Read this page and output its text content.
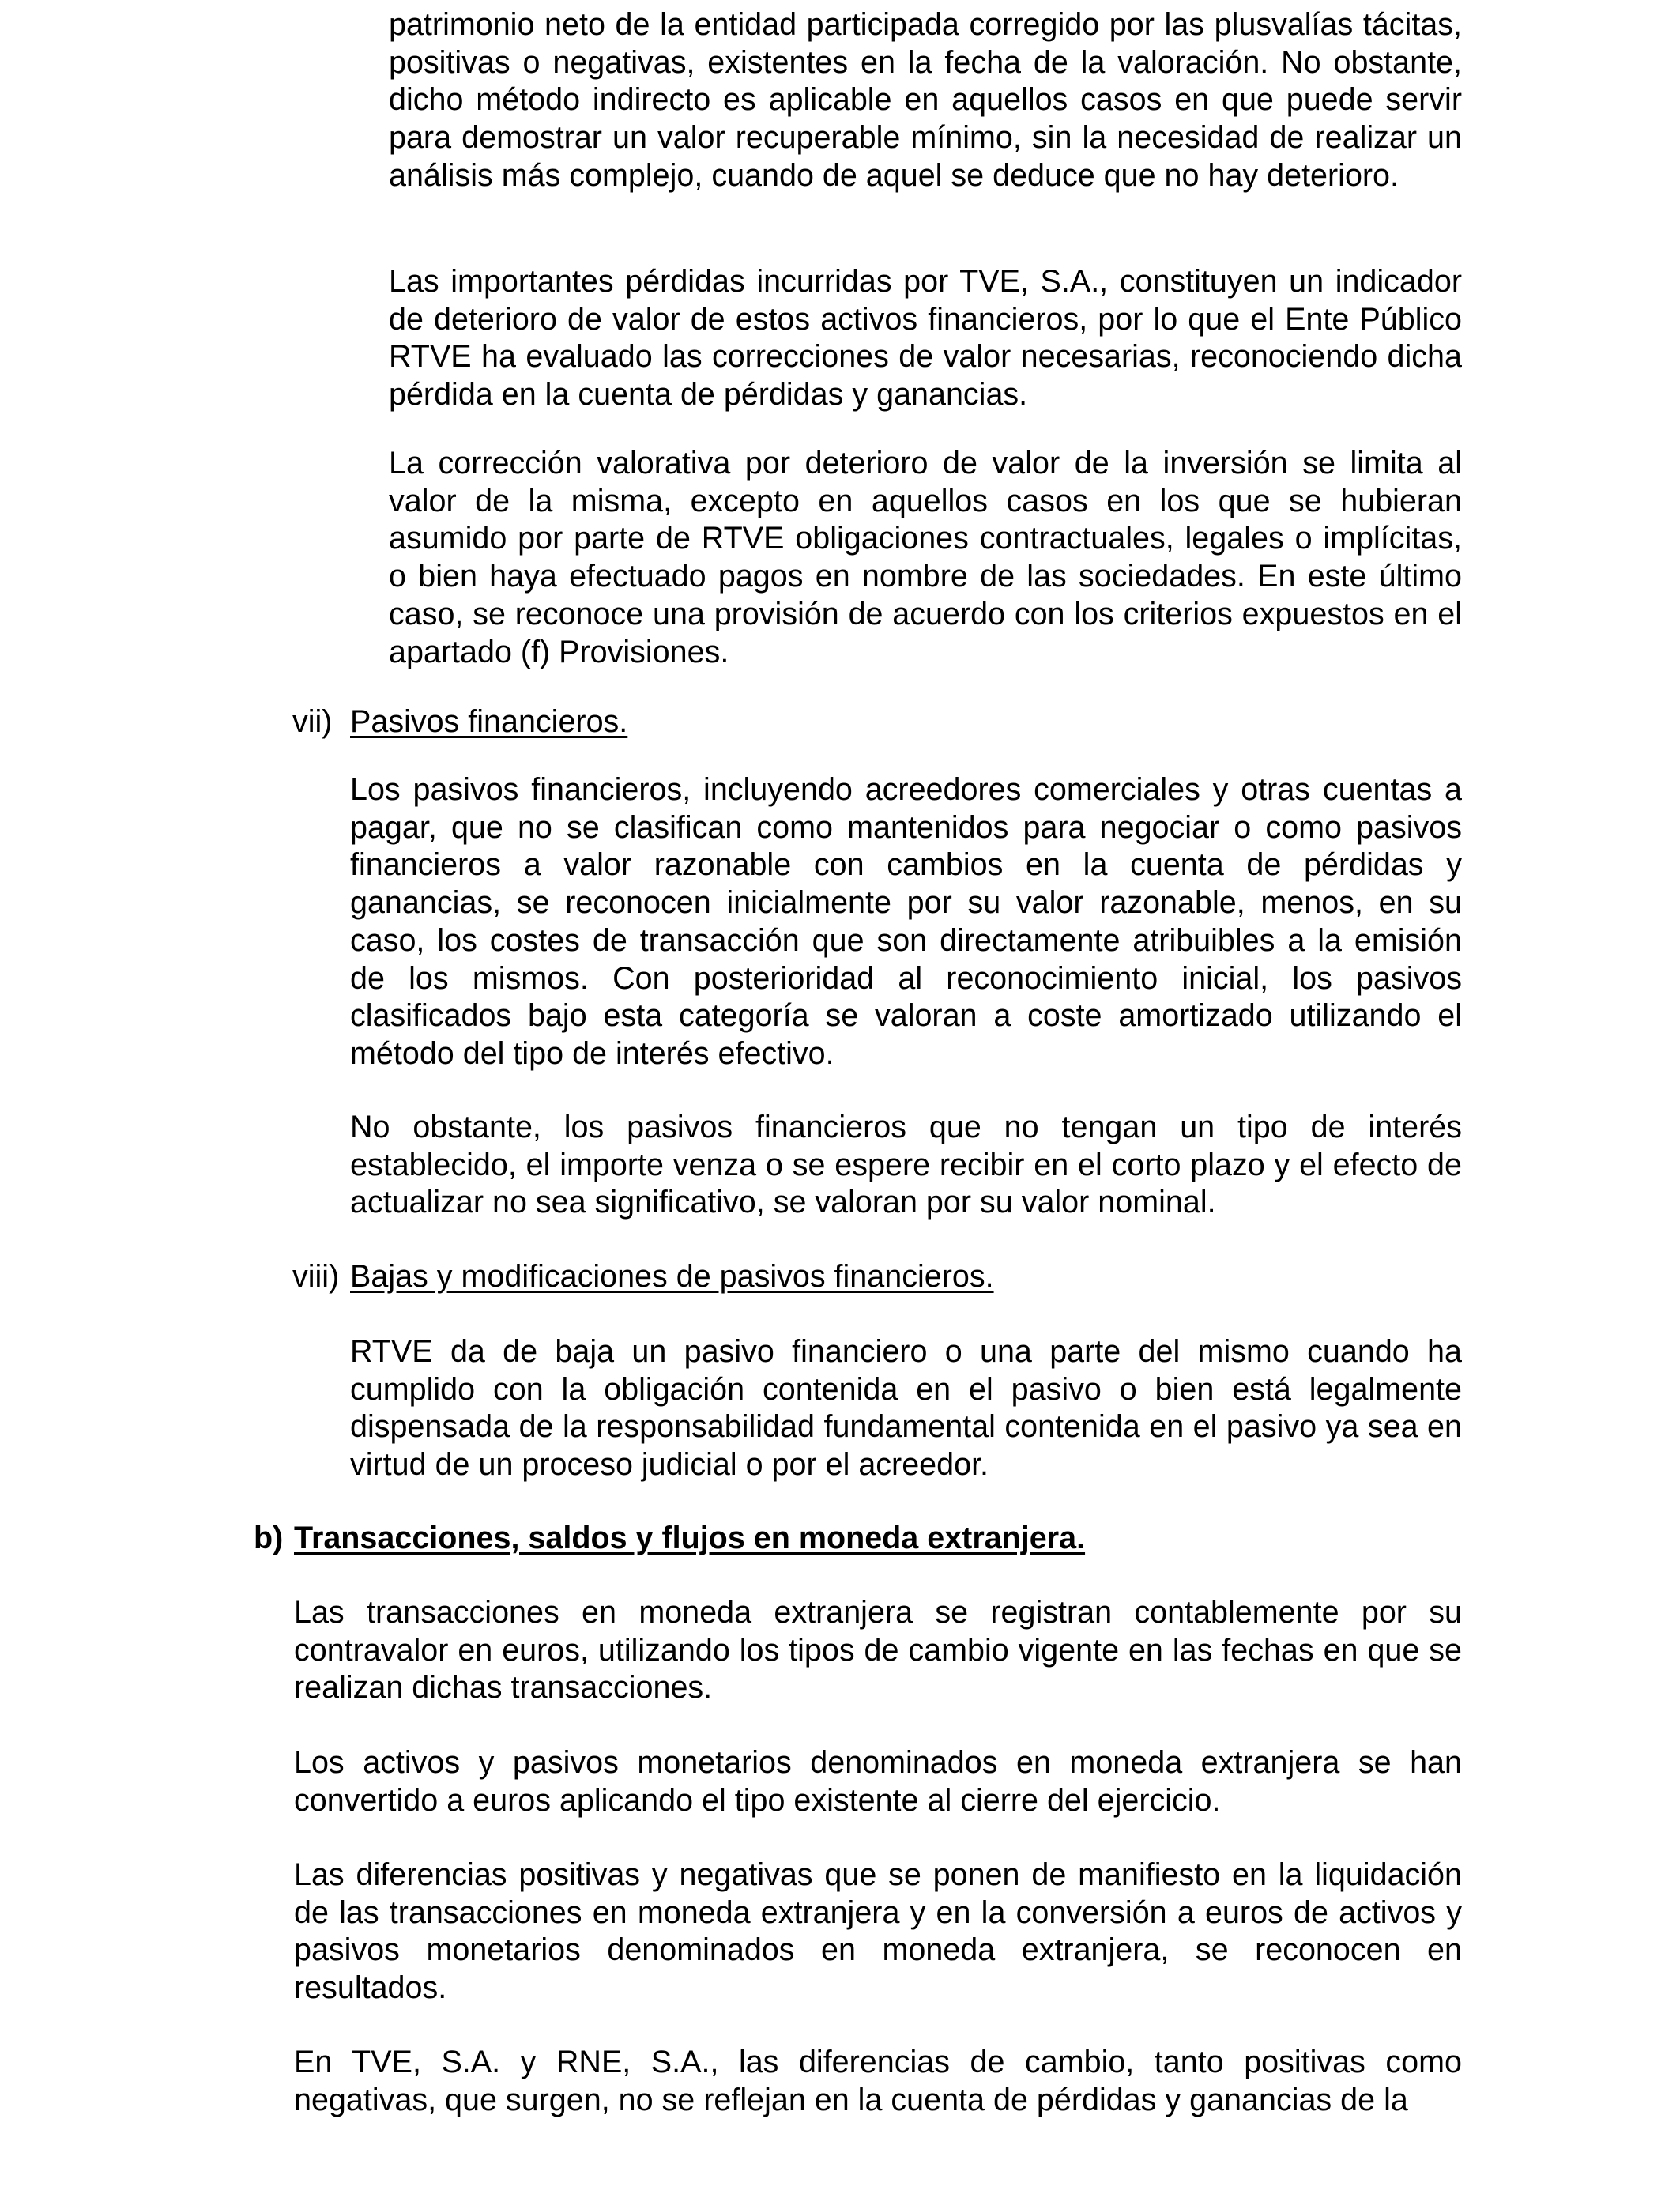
patrimonio neto de la entidad participada corregido por las plusvalías tácitas, positivas o negativas, existentes en la fecha de la valoración. No obstante, dicho método indirecto es aplicable en aquellos casos en que puede servir para demostrar un valor recuperable mínimo, sin la necesidad de realizar un análisis más complejo, cuando de aquel se deduce que no hay deterioro.

Las importantes pérdidas incurridas por TVE, S.A., constituyen un indicador de deterioro de valor de estos activos financieros, por lo que el Ente Público RTVE ha evaluado las correcciones de valor necesarias, reconociendo dicha pérdida en la cuenta de pérdidas y ganancias.

La corrección valorativa por deterioro de valor de la inversión se limita al valor de la misma, excepto en aquellos casos en los que se hubieran asumido por parte de RTVE obligaciones contractuales, legales o implícitas, o bien haya efectuado pagos en nombre de las sociedades. En este último caso, se reconoce una provisión de acuerdo con los criterios expuestos en el apartado (f) Provisiones.

vii) Pasivos financieros.

Los pasivos financieros, incluyendo acreedores comerciales y otras cuentas a pagar, que no se clasifican como mantenidos para negociar o como pasivos financieros a valor razonable con cambios en la cuenta de pérdidas y ganancias, se reconocen inicialmente por su valor razonable, menos, en su caso, los costes de transacción que son directamente atribuibles a la emisión de los mismos. Con posterioridad al reconocimiento inicial, los pasivos clasificados bajo esta categoría se valoran a coste amortizado utilizando el método del tipo de interés efectivo.

No obstante, los pasivos financieros que no tengan un tipo de interés establecido, el importe venza o se espere recibir en el corto plazo y el efecto de actualizar no sea significativo, se valoran por su valor nominal.

viii) Bajas y modificaciones de pasivos financieros.

RTVE da de baja un pasivo financiero o una parte del mismo cuando ha cumplido con la obligación contenida en el pasivo o bien está legalmente dispensada de la responsabilidad fundamental contenida en el pasivo ya sea en virtud de un proceso judicial o por el acreedor.

b) Transacciones, saldos y flujos en moneda extranjera.

Las transacciones en moneda extranjera se registran contablemente por su contravalor en euros, utilizando los tipos de cambio vigente en las fechas en que se realizan dichas transacciones.

Los activos y pasivos monetarios denominados en moneda extranjera se han convertido a euros aplicando el tipo existente al cierre del ejercicio.

Las diferencias positivas y negativas que se ponen de manifiesto en la liquidación de las transacciones en moneda extranjera y en la conversión a euros de activos y pasivos monetarios denominados en moneda extranjera, se reconocen en resultados.

En TVE, S.A. y RNE, S.A., las diferencias de cambio, tanto positivas como negativas, que surgen, no se reflejan en la cuenta de pérdidas y ganancias de la
